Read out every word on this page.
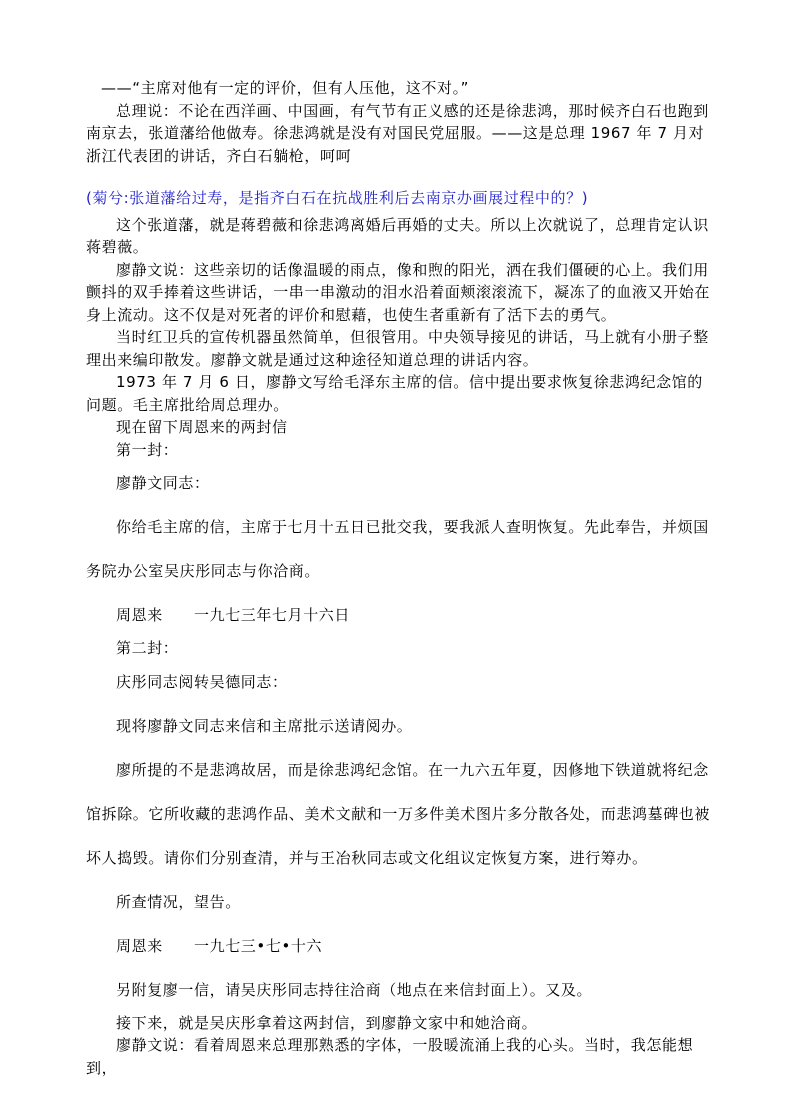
——“主席对他有一定的评价，但有人压他，这不对。”

总理说：不论在西洋画、中国画，有气节有正义感的还是徐悲鸿，那时候齐白石也跑到南京去，张道藩给他做寿。徐悲鸿就是没有对国民党屈服。——这是总理 1967 年 7 月对浙江代表团的讲话，齐白石躺枪，呵呵

(菊兮:张道藩给过寿，是指齐白石在抗战胜利后去南京办画展过程中的？)

这个张道藩，就是蒋碧薇和徐悲鸿离婚后再婚的丈夫。所以上次就说了，总理肯定认识蒋碧薇。

廖静文说：这些亲切的话像温暖的雨点，像和煦的阳光，洒在我们僵硬的心上。我们用颤抖的双手捧着这些讲话，一串一串激动的泪水沿着面颊滚滚流下，凝冻了的血液又开始在身上流动。这不仅是对死者的评价和慰藉，也使生者重新有了活下去的勇气。

当时红卫兵的宣传机器虽然简单，但很管用。中央领导接见的讲话，马上就有小册子整理出来编印散发。廖静文就是通过这种途径知道总理的讲话内容。

1973 年 7 月 6 日，廖静文写给毛泽东主席的信。信中提出要求恢复徐悲鸿纪念馆的问题。毛主席批给周总理办。

现在留下周恩来的两封信

第一封：

廖静文同志：

你给毛主席的信，主席于七月十五日已批交我，要我派人查明恢复。先此奉告，并烦国务院办公室吴庆彤同志与你洽商。

周恩来　　一九七三年七月十六日

第二封：

庆彤同志阅转吴德同志：

现将廖静文同志来信和主席批示送请阅办。

廖所提的不是悲鸿故居，而是徐悲鸿纪念馆。在一九六五年夏，因修地下铁道就将纪念馆拆除。它所收藏的悲鸿作品、美术文献和一万多件美术图片多分散各处，而悲鸿墓碑也被坏人捣毁。请你们分别查清，并与王冶秋同志或文化组议定恢复方案，进行筹办。

所查情况，望告。

周恩来　　一九七三•七•十六

另附复廖一信，请吴庆彤同志持往洽商（地点在来信封面上）。又及。

接下来，就是吴庆彤拿着这两封信，到廖静文家中和她洽商。

廖静文说：看着周恩来总理那熟悉的字体，一股暖流涌上我的心头。当时，我怎能想到，
